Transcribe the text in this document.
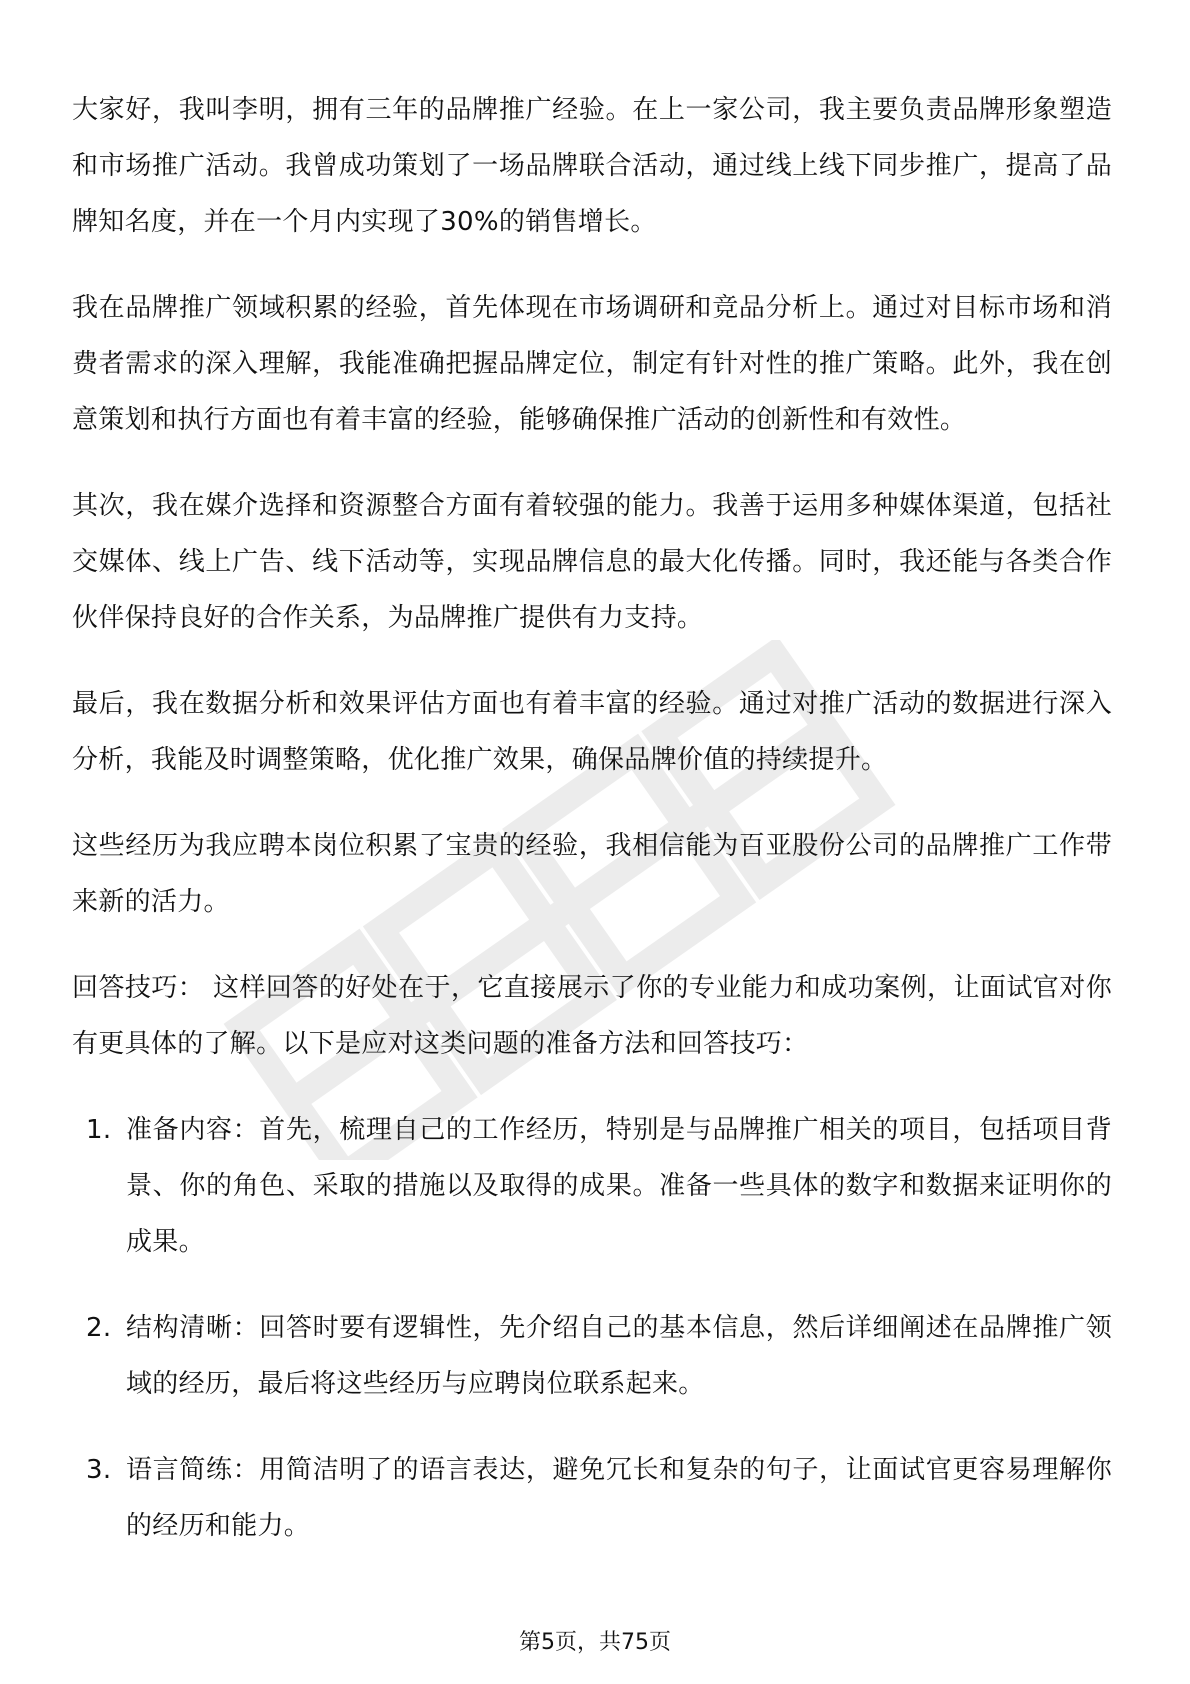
大家好，我叫李明，拥有三年的品牌推广经验。在上一家公司，我主要负责品牌形象塑造和市场推广活动。我曾成功策划了一场品牌联合活动，通过线上线下同步推广，提高了品牌知名度，并在一个月内实现了30%的销售增长。

我在品牌推广领域积累的经验，首先体现在市场调研和竞品分析上。通过对目标市场和消费者需求的深入理解，我能准确把握品牌定位，制定有针对性的推广策略。此外，我在创意策划和执行方面也有着丰富的经验，能够确保推广活动的创新性和有效性。

其次，我在媒介选择和资源整合方面有着较强的能力。我善于运用多种媒体渠道，包括社交媒体、线上广告、线下活动等，实现品牌信息的最大化传播。同时，我还能与各类合作伙伴保持良好的合作关系，为品牌推广提供有力支持。

最后，我在数据分析和效果评估方面也有着丰富的经验。通过对推广活动的数据进行深入分析，我能及时调整策略，优化推广效果，确保品牌价值的持续提升。

这些经历为我应聘本岗位积累了宝贵的经验，我相信能为百亚股份公司的品牌推广工作带来新的活力。

回答技巧： 这样回答的好处在于，它直接展示了你的专业能力和成功案例，让面试官对你有更具体的了解。以下是应对这类问题的准备方法和回答技巧：

1. 准备内容：首先，梳理自己的工作经历，特别是与品牌推广相关的项目，包括项目背景、你的角色、采取的措施以及取得的成果。准备一些具体的数字和数据来证明你的成果。
2. 结构清晰：回答时要有逻辑性，先介绍自己的基本信息，然后详细阐述在品牌推广领域的经历，最后将这些经历与应聘岗位联系起来。
3. 语言简练：用简洁明了的语言表达，避免冗长和复杂的句子，让面试官更容易理解你的经历和能力。
第5页，共75页
